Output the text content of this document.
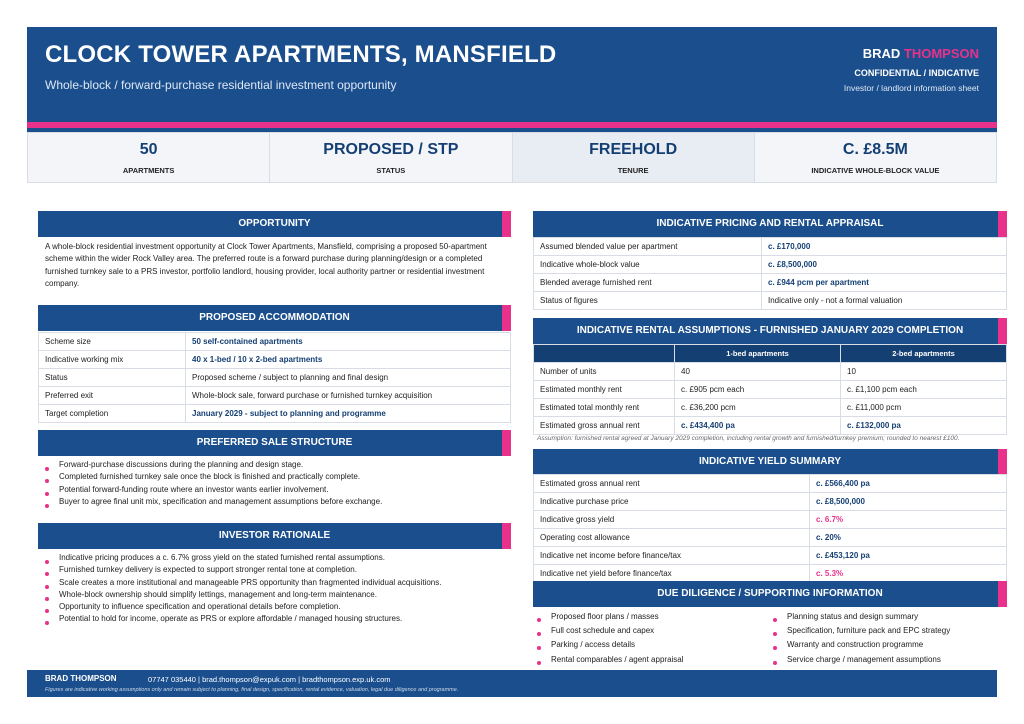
CLOCK TOWER APARTMENTS, MANSFIELD
Whole-block / forward-purchase residential investment opportunity
BRAD THOMPSON
CONFIDENTIAL / INDICATIVE
Investor / landlord information sheet
50
APARTMENTS
PROPOSED / STP
STATUS
FREEHOLD
TENURE
C. £8.5M
INDICATIVE WHOLE-BLOCK VALUE
OPPORTUNITY
A whole-block residential investment opportunity at Clock Tower Apartments, Mansfield, comprising a proposed 50-apartment scheme within the wider Rock Valley area. The preferred route is a forward purchase during planning/design or a completed furnished turnkey sale to a PRS investor, portfolio landlord, housing provider, local authority partner or residential investment company.
PROPOSED ACCOMMODATION
Scheme size	50 self-contained apartments
Indicative working mix	40 x 1-bed / 10 x 2-bed apartments
Status	Proposed scheme / subject to planning and final design
Preferred exit	Whole-block sale, forward purchase or furnished turnkey acquisition
Target completion	January 2029 - subject to planning and programme
PREFERRED SALE STRUCTURE
Forward-purchase discussions during the planning and design stage.
Completed furnished turnkey sale once the block is finished and practically complete.
Potential forward-funding route where an investor wants earlier involvement.
Buyer to agree final unit mix, specification and management assumptions before exchange.
INVESTOR RATIONALE
Indicative pricing produces a c. 6.7% gross yield on the stated furnished rental assumptions.
Furnished turnkey delivery is expected to support stronger rental tone at completion.
Scale creates a more institutional and manageable PRS opportunity than fragmented individual acquisitions.
Whole-block ownership should simplify lettings, management and long-term maintenance.
Opportunity to influence specification and operational details before completion.
Potential to hold for income, operate as PRS or explore affordable / managed housing structures.
INDICATIVE PRICING AND RENTAL APPRAISAL
Assumed blended value per apartment	c. £170,000
Indicative whole-block value	c. £8,500,000
Blended average furnished rent	c. £944 pcm per apartment
Status of figures	Indicative only - not a formal valuation
INDICATIVE RENTAL ASSUMPTIONS - FURNISHED JANUARY 2029 COMPLETION
	1-bed apartments	2-bed apartments
Number of units	40	10
Estimated monthly rent	c. £905 pcm each	c. £1,100 pcm each
Estimated total monthly rent	c. £36,200 pcm	c. £11,000 pcm
Estimated gross annual rent	c. £434,400 pa	c. £132,000 pa
Assumption: furnished rental agreed at January 2029 completion, including rental growth and furnished/turnkey premium; rounded to nearest £100.
INDICATIVE YIELD SUMMARY
Estimated gross annual rent	c. £566,400 pa
Indicative purchase price	c. £8,500,000
Indicative gross yield	c. 6.7%
Operating cost allowance	c. 20%
Indicative net income before finance/tax	c. £453,120 pa
Indicative net yield before finance/tax	c. 5.3%
DUE DILIGENCE / SUPPORTING INFORMATION
Proposed floor plans / masses
Full cost schedule and capex
Parking / access details
Rental comparables / agent appraisal
Planning status and design summary
Specification, furniture pack and EPC strategy
Warranty and construction programme
Service charge / management assumptions
BRAD THOMPSON	07747 035440 | brad.thompson@expuk.com | bradthompson.exp.uk.com
Figures are indicative working assumptions only and remain subject to planning, final design, specification, rental evidence, valuation, legal due diligence and programme.
